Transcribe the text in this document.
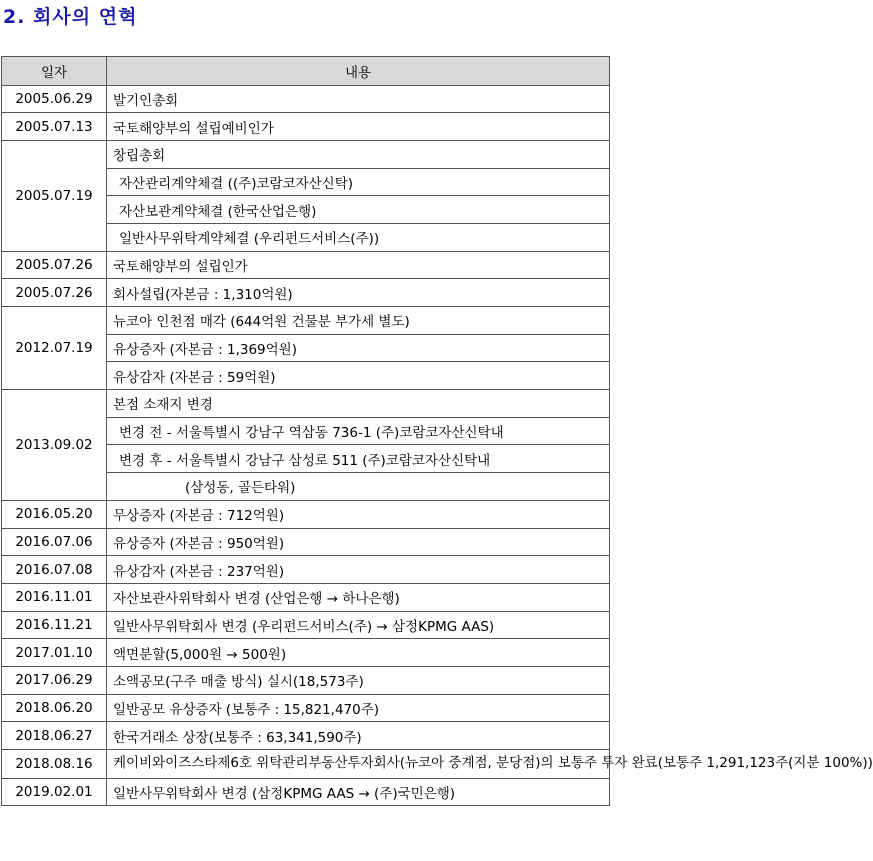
2. 회사의 연혁
일자	내용
2005.06.29	발기인총회
2005.07.13	국토해양부의 설립예비인가
2005.07.19	창립총회
	자산관리계약체결 ((주)코람코자산신탁)
	자산보관계약체결 (한국산업은행)
	일반사무위탁계약체결 (우리펀드서비스(주))
2005.07.26	국토해양부의 설립인가
2005.07.26	회사설립(자본금 : 1,310억원)
2012.07.19	뉴코아 인천점 매각 (644억원 건물분 부가세 별도)
	유상증자 (자본금 : 1,369억원)
	유상감자 (자본금 : 59억원)
2013.09.02	본점 소재지 변경
	변경 전 - 서울특별시 강남구 역삼동 736-1 (주)코람코자산신탁내
	변경 후 - 서울특별시 강남구 삼성로 511 (주)코람코자산신탁내
	(삼성동, 골든타워)
2016.05.20	무상증자 (자본금 : 712억원)
2016.07.06	유상증자 (자본금 : 950억원)
2016.07.08	유상감자 (자본금 : 237억원)
2016.11.01	자산보관사위탁회사 변경 (산업은행 → 하나은행)
2016.11.21	일반사무위탁회사 변경 (우리펀드서비스(주) → 삼정KPMG AAS)
2017.01.10	액면분할(5,000원 → 500원)
2017.06.29	소액공모(구주 매출 방식) 실시(18,573주)
2018.06.20	일반공모 유상증자 (보통주 : 15,821,470주)
2018.06.27	한국거래소 상장(보통주 : 63,341,590주)
2018.08.16	케이비와이즈스타제6호 위탁관리부동산투자회사(뉴코아 중계점, 분당점)의 보통주 투자 완료(보통주 1,291,123주(지분 100%))
2019.02.01	일반사무위탁회사 변경 (삼정KPMG AAS → (주)국민은행)
